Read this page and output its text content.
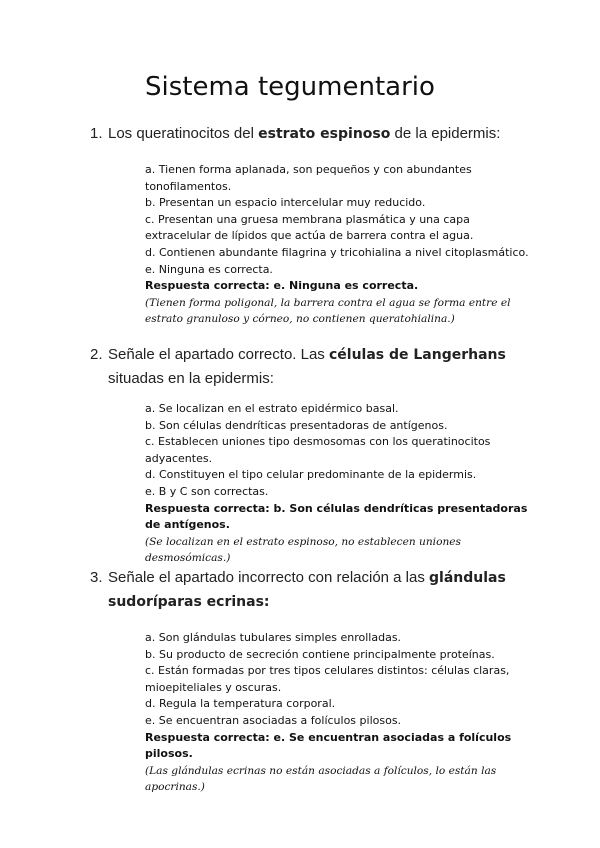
Sistema tegumentario
1. Los queratinocitos del estrato espinoso de la epidermis:
a. Tienen forma aplanada, son pequeños y con abundantes tonofilamentos.
b. Presentan un espacio intercelular muy reducido.
c. Presentan una gruesa membrana plasmática y una capa extracelular de lípidos que actúa de barrera contra el agua.
d. Contienen abundante filagrina y tricohialina a nivel citoplasmático.
e. Ninguna es correcta.
Respuesta correcta: e. Ninguna es correcta.
(Tienen forma poligonal, la barrera contra el agua se forma entre el estrato granuloso y córneo, no contienen queratohialina.)
2. Señale el apartado correcto. Las células de Langerhans situadas en la epidermis:
a. Se localizan en el estrato epidérmico basal.
b. Son células dendríticas presentadoras de antígenos.
c. Establecen uniones tipo desmosomas con los queratinocitos adyacentes.
d. Constituyen el tipo celular predominante de la epidermis.
e. B y C son correctas.
Respuesta correcta: b. Son células dendríticas presentadoras de antígenos.
(Se localizan en el estrato espinoso, no establecen uniones desmosómicas.)
3. Señale el apartado incorrecto con relación a las glándulas sudoríparas ecrinas:
a. Son glándulas tubulares simples enrolladas.
b. Su producto de secreción contiene principalmente proteínas.
c. Están formadas por tres tipos celulares distintos: células claras, mioepiteliales y oscuras.
d. Regula la temperatura corporal.
e. Se encuentran asociadas a folículos pilosos.
Respuesta correcta: e. Se encuentran asociadas a folículos pilosos.
(Las glándulas ecrinas no están asociadas a folículos, lo están las apocrinas.)
